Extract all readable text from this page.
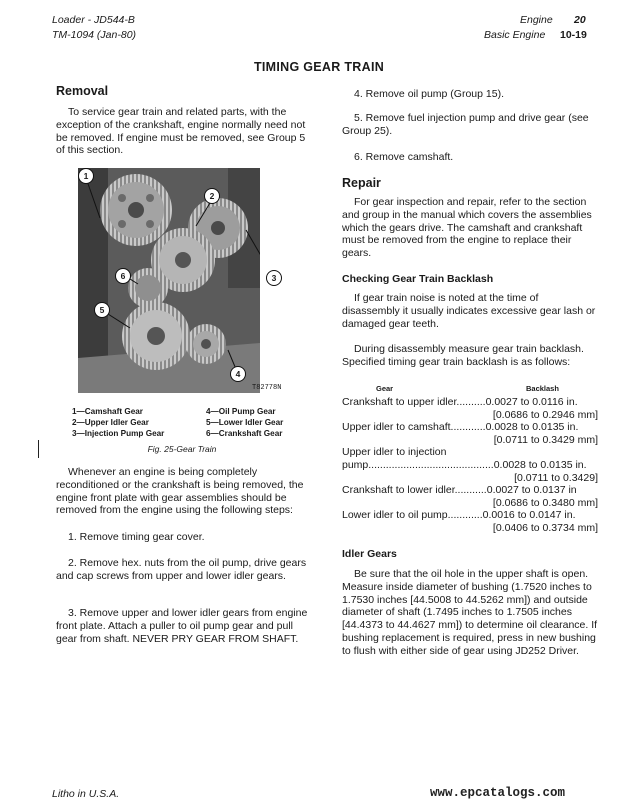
Loader - JD544-B
TM-1094 (Jan-80)
Engine 20
Basic Engine 10-19
TIMING GEAR TRAIN
Removal

To service gear train and related parts, with the exception of the crankshaft, engine normally need not be removed. If engine must be removed, see Group 5 of this section.

1
2
3
4
5
6
T82778N
1—Camshaft Gear
2—Upper Idler Gear
3—Injection Pump Gear
4—Oil Pump Gear
5—Lower Idler Gear
6—Crankshaft Gear
Fig. 25-Gear Train

Whenever an engine is being completely reconditioned or the crankshaft is being removed, the engine front plate with gear assemblies should be removed from the engine using the following steps:

1. Remove timing gear cover.

2. Remove hex. nuts from the oil pump, drive gears and cap screws from upper and lower idler gears.

3. Remove upper and lower idler gears from engine front plate. Attach a puller to oil pump gear and pull gear from shaft. NEVER PRY GEAR FROM SHAFT.

4. Remove oil pump (Group 15).

5. Remove fuel injection pump and drive gear (see Group 25).

6. Remove camshaft.
Repair

For gear inspection and repair, refer to the section and group in the manual which covers the assemblies which the gears drive. The camshaft and crankshaft must be removed from the engine to replace their gears.

Checking Gear Train Backlash

If gear train noise is noted at the time of disassembly it usually indicates excessive gear lash or damaged gear teeth.

During disassembly measure gear train backlash. Specified timing gear train backlash is as follows:

Gear	Backlash
Crankshaft to upper idler..........0.0027 to 0.0116 in.
[0.0686 to 0.2946 mm]
Upper idler to camshaft............0.0028 to 0.0135 in.
[0.0711 to 0.3429 mm]
Upper idler to injection
pump...........................................0.0028 to 0.0135 in.
[0.0711 to 0.3429]
Crankshaft to lower idler...........0.0027 to 0.0137 in
[0.0686 to 0.3480 mm]
Lower idler to oil pump............0.0016 to 0.0147 in.
[0.0406 to 0.3734 mm]
Idler Gears

Be sure that the oil hole in the upper shaft is open. Measure inside diameter of bushing (1.7520 inches to 1.7530 inches [44.5008 to 44.5262 mm]) and outside diameter of shaft (1.7495 inches to 1.7505 inches [44.4373 to 44.4627 mm]) to determine oil clearance. If bushing replacement is required, press in new bushing to flush with either side of gear using JD252 Driver.

Litho in U.S.A.	www.epcatalogs.com
